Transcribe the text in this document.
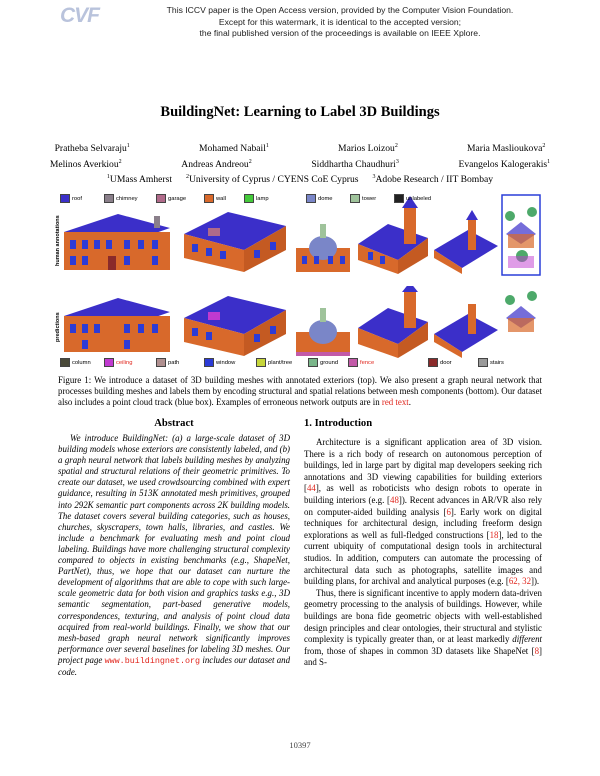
CVF	This ICCV paper is the Open Access version, provided by the Computer Vision Foundation.
Except for this watermark, it is identical to the accepted version;
the final published version of the proceedings is available on IEEE Xplore.
BuildingNet: Learning to Label 3D Buildings
Pratheba Selvaraju$^1$	Mohamed Nabail$^1$	Marios Loizou$^2$	Maria Maslioukova$^2$
Melinos Averkiou$^2$	Andreas Andreou$^2$	Siddhartha Chaudhuri$^3$	Evangelos Kalogerakis$^1$
$^1$UMass Amherst $^2$University of Cyprus / CYENS CoE Cyprus $^3$Adobe Research / IIT Bombay
human annotations
roof	chimney	garage	wall	lamp	dome	tower	unlabeled
predictions
column	ceiling	path	window	plant/tree	ground	fence	door	stairs
Figure 1: We introduce a dataset of 3D building meshes with annotated exteriors (top). We also present a graph neural network that processes building meshes and labels them by encoding structural and spatial relations between mesh components (bottom). Our dataset also includes a point cloud track (blue box). Examples of erroneous network outputs are in red text.
Abstract

We introduce BuildingNet: (a) a large-scale dataset of 3D building models whose exteriors are consistently labeled, and (b) a graph neural network that labels building meshes by analyzing spatial and structural relations of their geometric primitives. To create our dataset, we used crowdsourcing combined with expert guidance, resulting in 513K annotated mesh primitives, grouped into 292K semantic part components across 2K building models. The dataset covers several building categories, such as houses, churches, skyscrapers, town halls, libraries, and castles. We include a benchmark for evaluating mesh and point cloud labeling. Buildings have more challenging structural complexity compared to objects in existing benchmarks (e.g., ShapeNet, PartNet), thus, we hope that our dataset can nurture the development of algorithms that are able to cope with such large-scale geometric data for both vision and graphics tasks e.g., 3D semantic segmentation, part-based generative models, correspondences, texturing, and analysis of point cloud data acquired from real-world buildings. Finally, we show that our mesh-based graph neural network significantly improves performance over several baselines for labeling 3D meshes. Our project page www.buildingnet.org includes our dataset and code.

1. Introduction

Architecture is a significant application area of 3D vision. There is a rich body of research on autonomous perception of buildings, led in large part by digital map developers seeking rich annotations and 3D viewing capabilities for building exteriors [44], as well as roboticists who design robots to operate in building interiors (e.g. [48]). Recent advances in AR/VR also rely on computer-aided building analysis [6]. Early work on digital techniques for architectural design, including freeform design explorations as well as full-fledged constructions [18], led to the current ubiquity of computational design tools in architectural studios. In addition, computers can automate the processing of architectural data such as photographs, satellite images and building plans, for archival and analytical purposes (e.g. [62, 32]).

Thus, there is significant incentive to apply modern data-driven geometry processing to the analysis of buildings. However, while buildings are bona fide geometric objects with well-established design principles and clear ontologies, their structural and stylistic complexity is typically greater than, or at least markedly different from, those of shapes in common 3D datasets like ShapeNet [8] and S-

10397
